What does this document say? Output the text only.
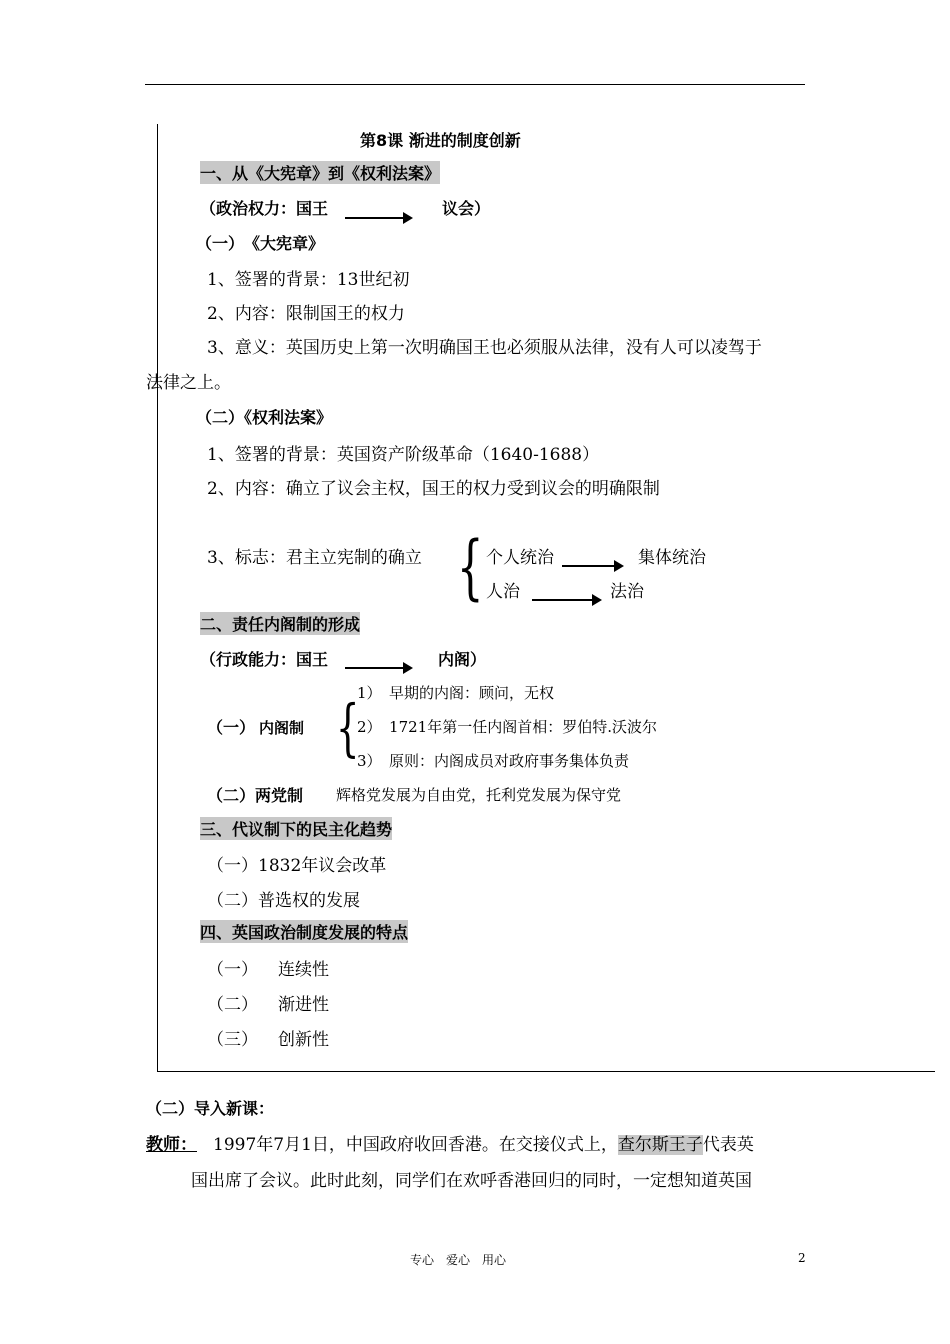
第8课 渐进的制度创新
一、从《大宪章》到《权利法案》
（政治权力：国王	议会）
（一）　《大宪章》
1、签署的背景：13世纪初
2、内容：限制国王的权力
3、意义：英国历史上第一次明确国王也必须服从法律，没有人可以凌驾于
法律之上。
（二）《权利法案》
1、签署的背景：英国资产阶级革命（1640-1688）
2、内容：确立了议会主权，国王的权力受到议会的明确限制
3、标志：君主立宪制的确立 { 个人统治	集体统治
人治	法治
二、责任内阁制的形成
（行政能力：国王	内阁）
（一） 内阁制 {
1）　早期的内阁：顾问，无权
2）　1721年第一任内阁首相：罗伯特.沃波尔
3）　原则：内阁成员对政府事务集体负责
（二）两党制 辉格党发展为自由党，托利党发展为保守党
三、代议制下的民主化趋势
（一）1832年议会改革
（二）普选权的发展
四、英国政治制度发展的特点
（一） 连续性
（二） 渐进性
（三） 创新性
（二）导入新课：
教师： 1997年7月1日，中国政府收回香港。在交接仪式上，查尔斯王子代表英
国出席了会议。此时此刻，同学们在欢呼香港回归的同时，一定想知道英国
专心　爱心　用心	2
